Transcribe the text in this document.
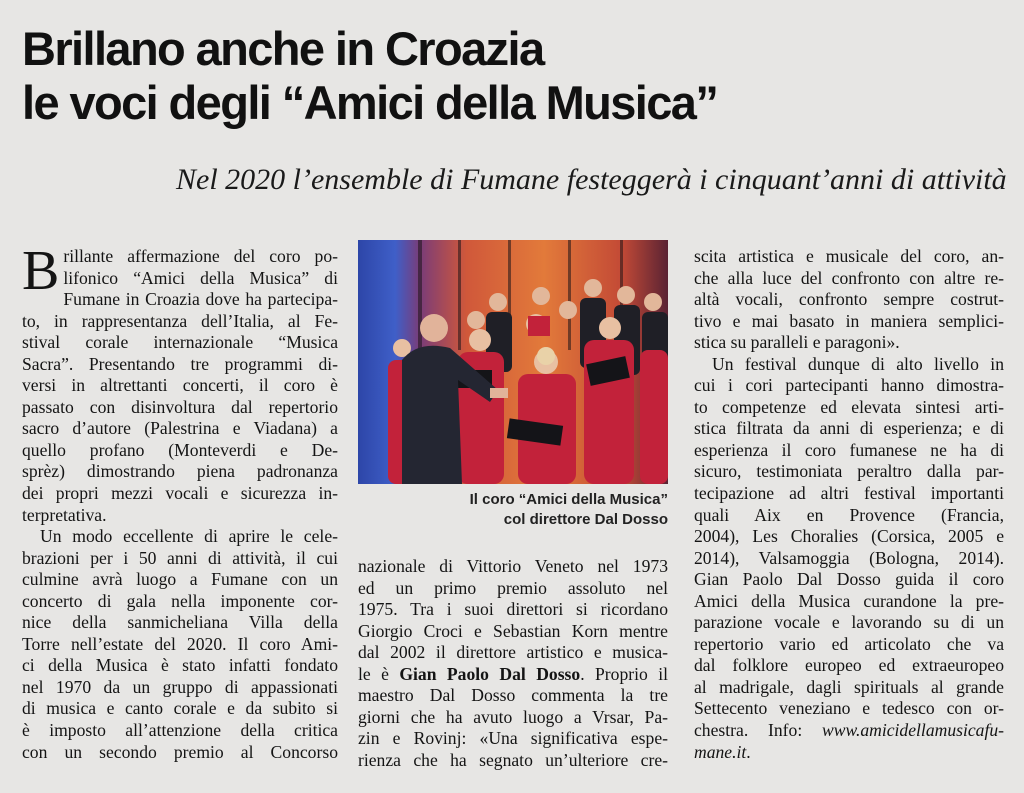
Brillano anche in Croazia
le voci degli “Amici della Musica”

Nel 2020 l’ensemble di Fumane festeggerà i cinquant’anni di attività

B rillante affermazione del coro po-
lifonico “Amici della Musica” di
Fumane in Croazia dove ha partecipa-
to, in rappresentanza dell’Italia, al Fe-
stival corale internazionale “Musica
Sacra”. Presentando tre programmi di-
versi in altrettanti concerti, il coro è
passato con disinvoltura dal repertorio
sacro d’autore (Palestrina e Viadana) a
quello profano (Monteverdi e De-
sprèz) dimostrando piena padronanza
dei propri mezzi vocali e sicurezza in-
terpretativa.
Un modo eccellente di aprire le cele-
brazioni per i 50 anni di attività, il cui
culmine avrà luogo a Fumane con un
concerto di gala nella imponente cor-
nice della sanmicheliana Villa della
Torre nell’estate del 2020. Il coro Ami-
ci della Musica è stato infatti fondato
nel 1970 da un gruppo di appassionati
di musica e canto corale e da subito si
è imposto all’attenzione della critica
con un secondo premio al Concorso
Il coro “Amici della Musica”
col direttore Dal Dosso
nazionale di Vittorio Veneto nel 1973
ed un primo premio assoluto nel
1975. Tra i suoi direttori si ricordano
Giorgio Croci e Sebastian Korn mentre
dal 2002 il direttore artistico e musica-
le è Gian Paolo Dal Dosso. Proprio il
maestro Dal Dosso commenta la tre
giorni che ha avuto luogo a Vrsar, Pa-
zin e Rovinj: «Una significativa espe-
rienza che ha segnato un’ulteriore cre-
scita artistica e musicale del coro, an-
che alla luce del confronto con altre re-
altà vocali, confronto sempre costrut-
tivo e mai basato in maniera semplici-
stica su paralleli e paragoni».
Un festival dunque di alto livello in
cui i cori partecipanti hanno dimostra-
to competenze ed elevata sintesi arti-
stica filtrata da anni di esperienza; e di
esperienza il coro fumanese ne ha di
sicuro, testimoniata peraltro dalla par-
tecipazione ad altri festival importanti
quali Aix en Provence (Francia,
2004), Les Choralies (Corsica, 2005 e
2014), Valsamoggia (Bologna, 2014).
Gian Paolo Dal Dosso guida il coro
Amici della Musica curandone la pre-
parazione vocale e lavorando su di un
repertorio vario ed articolato che va
dal folklore europeo ed extraeuropeo
al madrigale, dagli spirituals al grande
Settecento veneziano e tedesco con or-
chestra. Info: www.amicidellamusicafu-
mane.it.
